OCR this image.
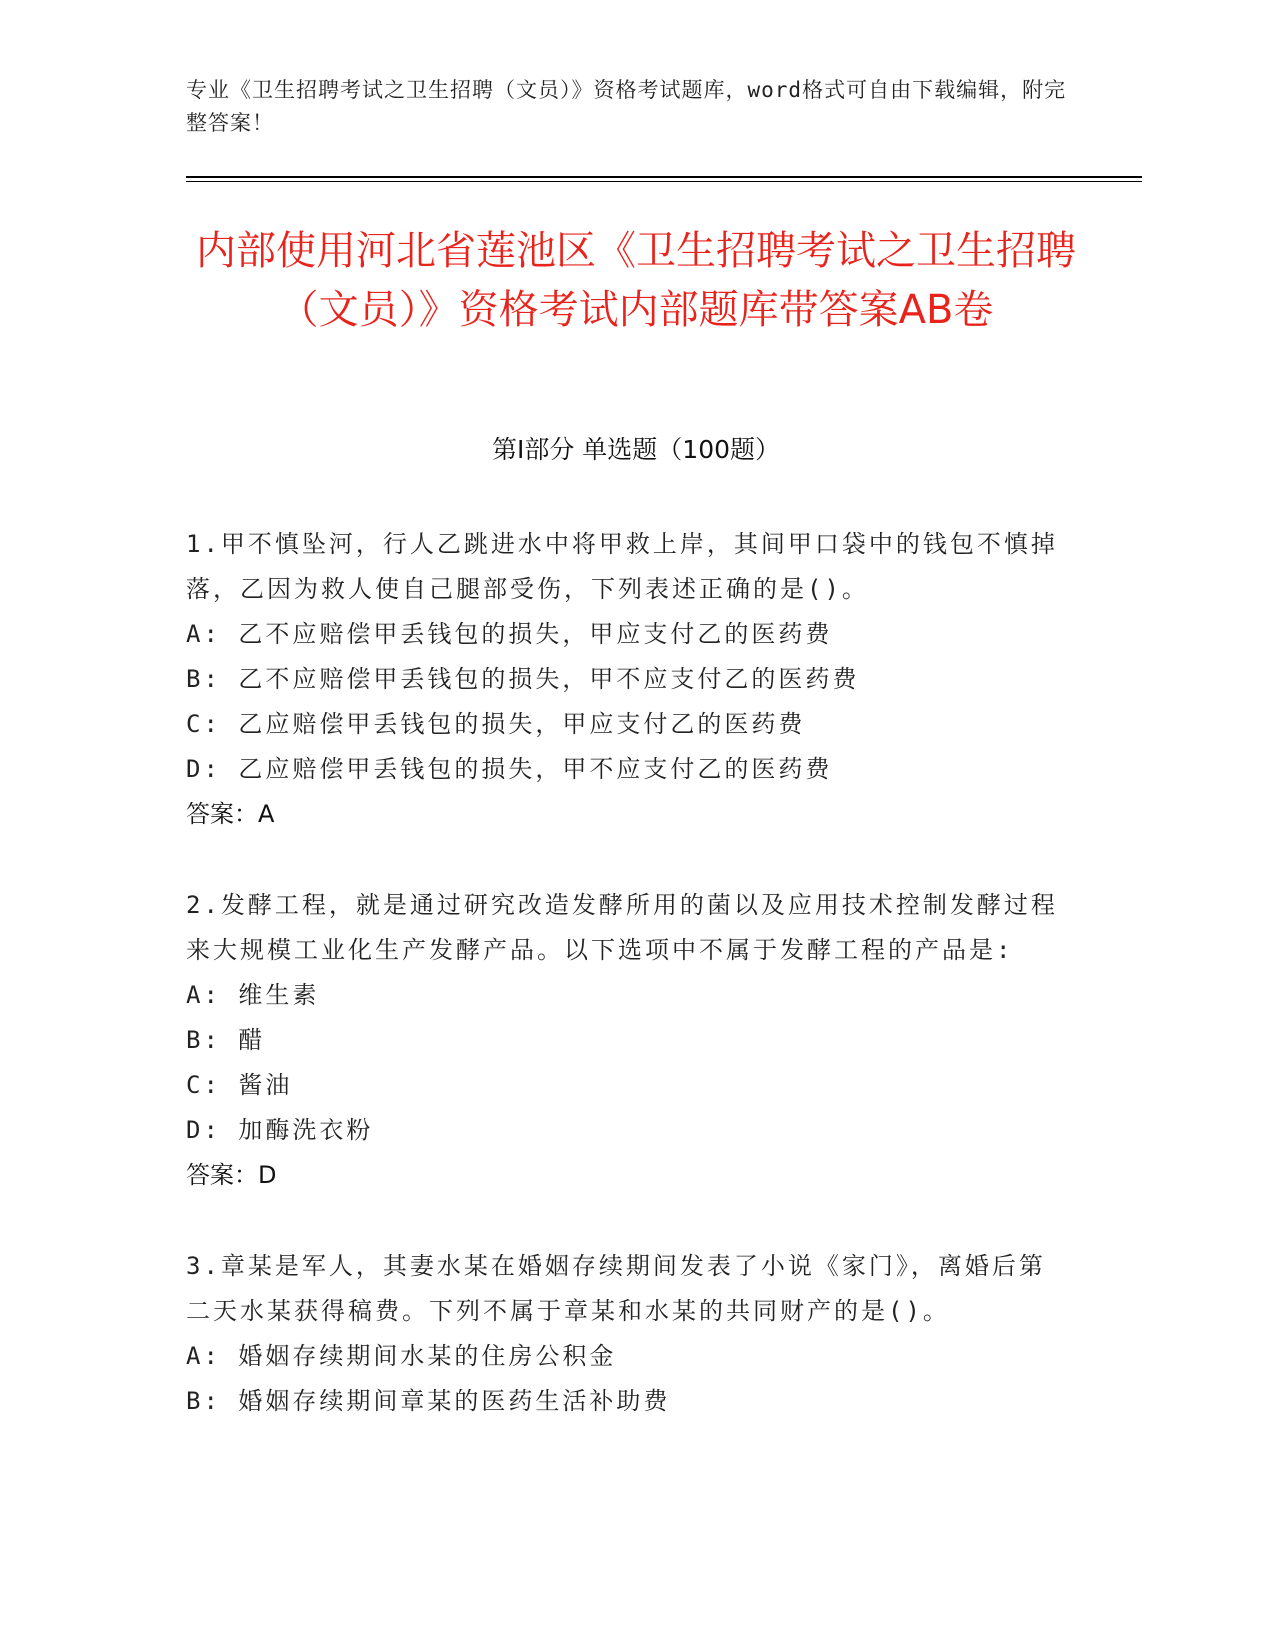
专业《卫生招聘考试之卫生招聘（文员）》资格考试题库，word格式可自由下载编辑，附完整答案！
内部使用河北省莲池区《卫生招聘考试之卫生招聘（文员）》资格考试内部题库带答案AB卷
第Ⅰ部分 单选题（100题）
1.甲不慎坠河，行人乙跳进水中将甲救上岸，其间甲口袋中的钱包不慎掉落，乙因为救人使自己腿部受伤，下列表述正确的是()。
A: 乙不应赔偿甲丢钱包的损失，甲应支付乙的医药费
B: 乙不应赔偿甲丢钱包的损失，甲不应支付乙的医药费
C: 乙应赔偿甲丢钱包的损失，甲应支付乙的医药费
D: 乙应赔偿甲丢钱包的损失，甲不应支付乙的医药费
答案：A
2.发酵工程，就是通过研究改造发酵所用的菌以及应用技术控制发酵过程来大规模工业化生产发酵产品。以下选项中不属于发酵工程的产品是:
A: 维生素
B: 醋
C: 酱油
D: 加酶洗衣粉
答案：D
3.章某是军人，其妻水某在婚姻存续期间发表了小说《家门》，离婚后第二天水某获得稿费。下列不属于章某和水某的共同财产的是()。
A: 婚姻存续期间水某的住房公积金
B: 婚姻存续期间章某的医药生活补助费
